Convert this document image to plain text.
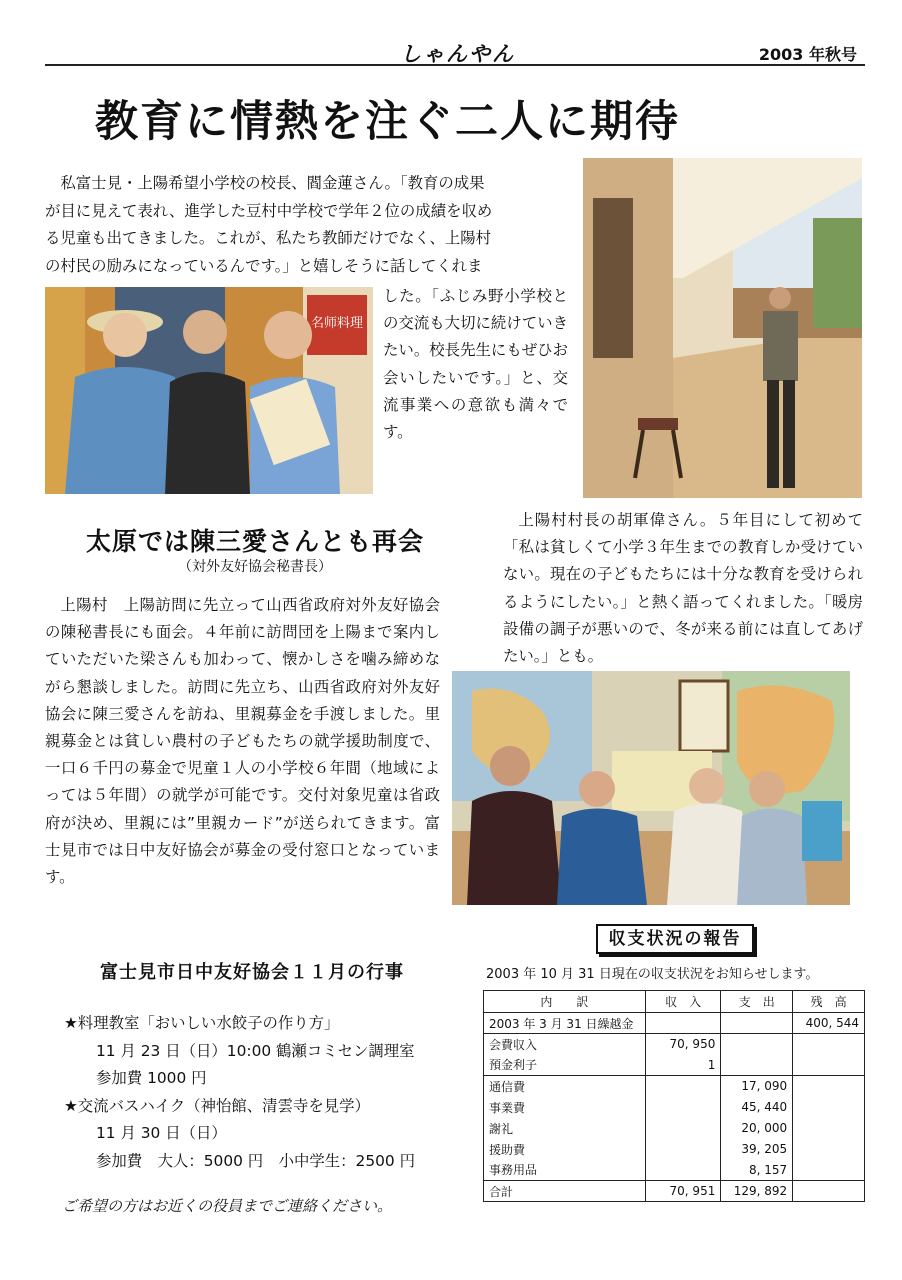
しゃんやん	2003 年秋号
教育に情熱を注ぐ二人に期待
　私富士見・上陽希望小学校の校長、閻金蓮さん。「教育の成果
が目に見えて表れ、進学した豆村中学校で学年２位の成績を収め
る児童も出てきました。これが、私たち教師だけでなく、上陽村
の村民の励みになっているんです。」と嬉しそうに話してくれま
した。「ふじみ野小学校との交流も大切に続けていきたい。校長先生にもぜひお会いしたいです。」と、交流事業への意欲も満々です。
名师料理

上陽村村長の胡軍偉さん。５年目にして初めて「私は貧しくて小学３年生までの教育しか受けていない。現在の子どもたちには十分な教育を受けられるようにしたい。」と熱く語ってくれました。「暖房設備の調子が悪いので、冬が来る前には直してあげたい。」とも。

太原では陳三愛さんとも再会
（対外友好協会秘書長）

上陽村　上陽訪問に先立って山西省政府対外友好協会の陳秘書長にも面会。４年前に訪問団を上陽まで案内していただいた梁さんも加わって、懐かしさを噛み締めながら懇談しました。訪問に先立ち、山西省政府対外友好協会に陳三愛さんを訪ね、里親募金を手渡しました。里親募金とは貧しい農村の子どもたちの就学援助制度で、一口６千円の募金で児童１人の小学校６年間（地域によっては５年間）の就学が可能です。交付対象児童は省政府が決め、里親には”里親カード”が送られてきます。富士見市では日中友好協会が募金の受付窓口となっています。

富士見市日中友好協会１１月の行事
★料理教室「おいしい水餃子の作り方」
11 月 23 日（日）10:00 鶴瀬コミセン調理室
参加費 1000 円
★交流バスハイク（神怡館、清雲寺を見学）
11 月 30 日（日）
参加費　大人：5000 円　小中学生：2500 円
ご希望の方はお近くの役員までご連絡ください。
収支状況の報告
2003 年 10 月 31 日現在の収支状況をお知らせします。
内　　訳	収　入	支　出	残　高
2003 年 3 月 31 日繰越金			400, 544
会費収入	70, 950		
預金利子	1		
通信費		17, 090	
事業費		45, 440	
謝礼		20, 000	
援助費		39, 205	
事務用品		8, 157	
合計	70, 951	129, 892	
